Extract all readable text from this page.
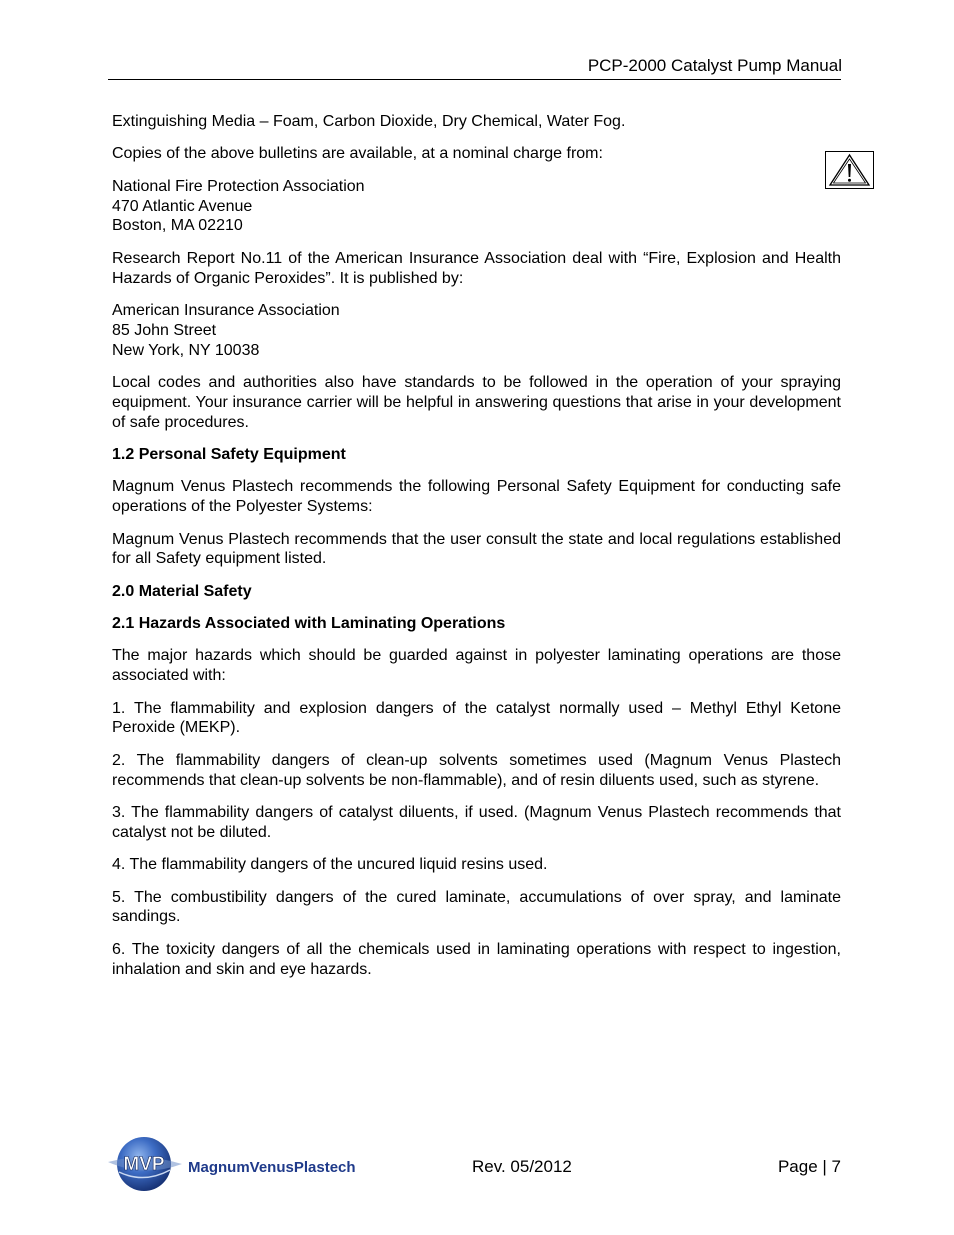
PCP-2000 Catalyst Pump Manual

Extinguishing Media – Foam, Carbon Dioxide, Dry Chemical, Water Fog.

Copies of the above bulletins are available, at a nominal charge from:

National Fire Protection Association
470 Atlantic Avenue
Boston, MA 02210

Research Report No.11 of the American Insurance Association deal with “Fire, Explosion and Health Hazards of Organic Peroxides”. It is published by:

American Insurance Association
85 John Street
New York, NY 10038

Local codes and authorities also have standards to be followed in the operation of your spraying equipment. Your insurance carrier will be helpful in answering questions that arise in your development of safe procedures.

1.2 Personal Safety Equipment

Magnum Venus Plastech recommends the following Personal Safety Equipment for conducting safe operations of the Polyester Systems:

Magnum Venus Plastech recommends that the user consult the state and local regulations established for all Safety equipment listed.

2.0 Material Safety

2.1 Hazards Associated with Laminating Operations

The major hazards which should be guarded against in polyester laminating operations are those associated with:

1. The flammability and explosion dangers of the catalyst normally used – Methyl Ethyl Ketone Peroxide (MEKP).

2. The flammability dangers of clean-up solvents sometimes used (Magnum Venus Plastech recommends that clean-up solvents be non-flammable), and of resin diluents used, such as styrene.

3. The flammability dangers of catalyst diluents, if used. (Magnum Venus Plastech recommends that catalyst not be diluted.

4. The flammability dangers of the uncured liquid resins used.

5. The combustibility dangers of the cured laminate, accumulations of over spray, and laminate sandings.

6. The toxicity dangers of all the chemicals used in laminating operations with respect to ingestion, inhalation and skin and eye hazards.

MVP MagnumVenusPlastech	Rev. 05/2012	Page | 7
